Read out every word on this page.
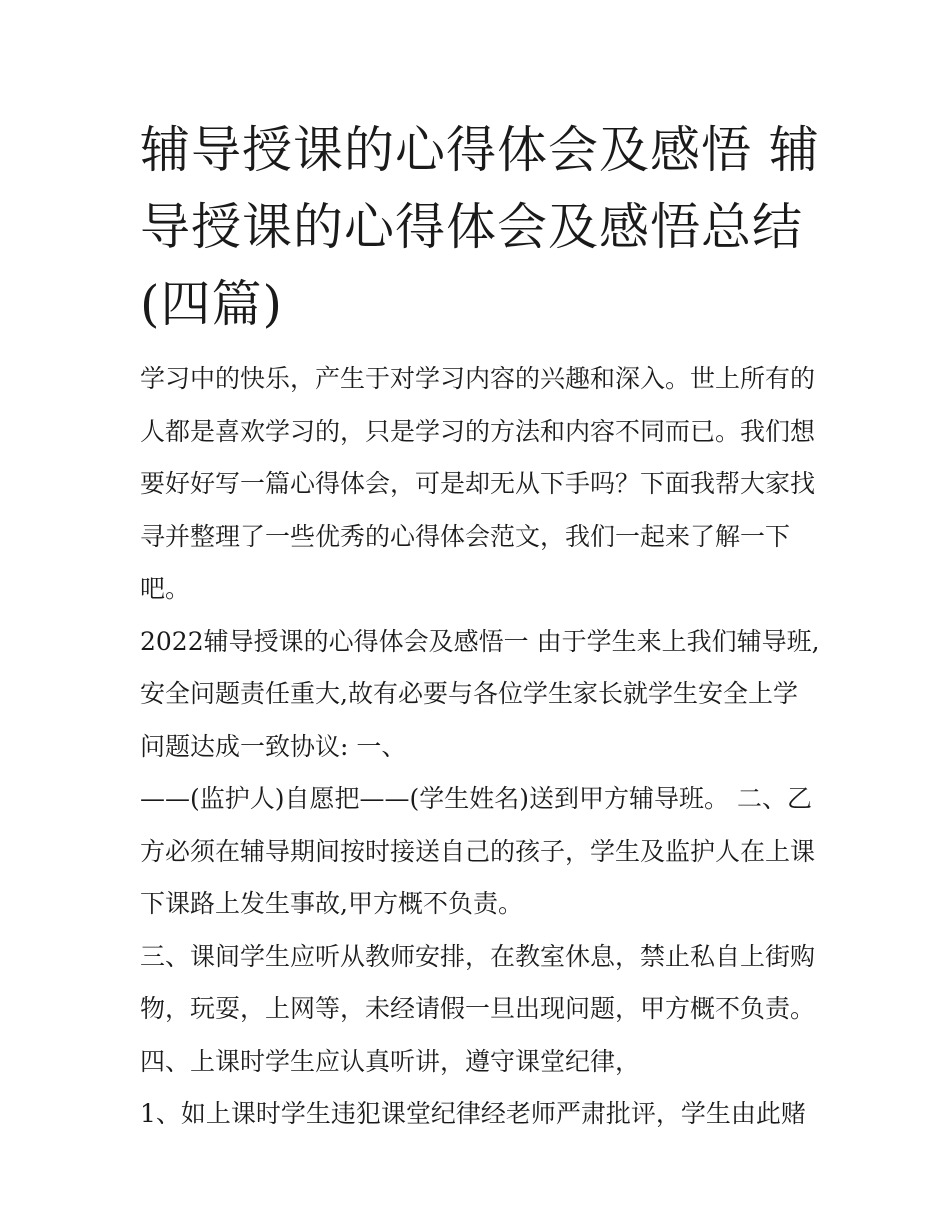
辅导授课的心得体会及感悟 辅导授课的心得体会及感悟总结(四篇)

学习中的快乐，产生于对学习内容的兴趣和深入。世上所有的人都是喜欢学习的，只是学习的方法和内容不同而已。我们想要好好写一篇心得体会，可是却无从下手吗？下面我帮大家找寻并整理了一些优秀的心得体会范文，我们一起来了解一下吧。

2022辅导授课的心得体会及感悟一 由于学生来上我们辅导班,安全问题责任重大,故有必要与各位学生家长就学生安全上学问题达成一致协议: 一、

——(监护人)自愿把——(学生姓名)送到甲方辅导班。 二、乙方必须在辅导期间按时接送自己的孩子，学生及监护人在上课下课路上发生事故,甲方概不负责。

三、课间学生应听从教师安排，在教室休息，禁止私自上街购物，玩耍，上网等，未经请假一旦出现问题，甲方概不负责。

四、上课时学生应认真听讲，遵守课堂纪律，

1、如上课时学生违犯课堂纪律经老师严肃批评，学生由此赌
